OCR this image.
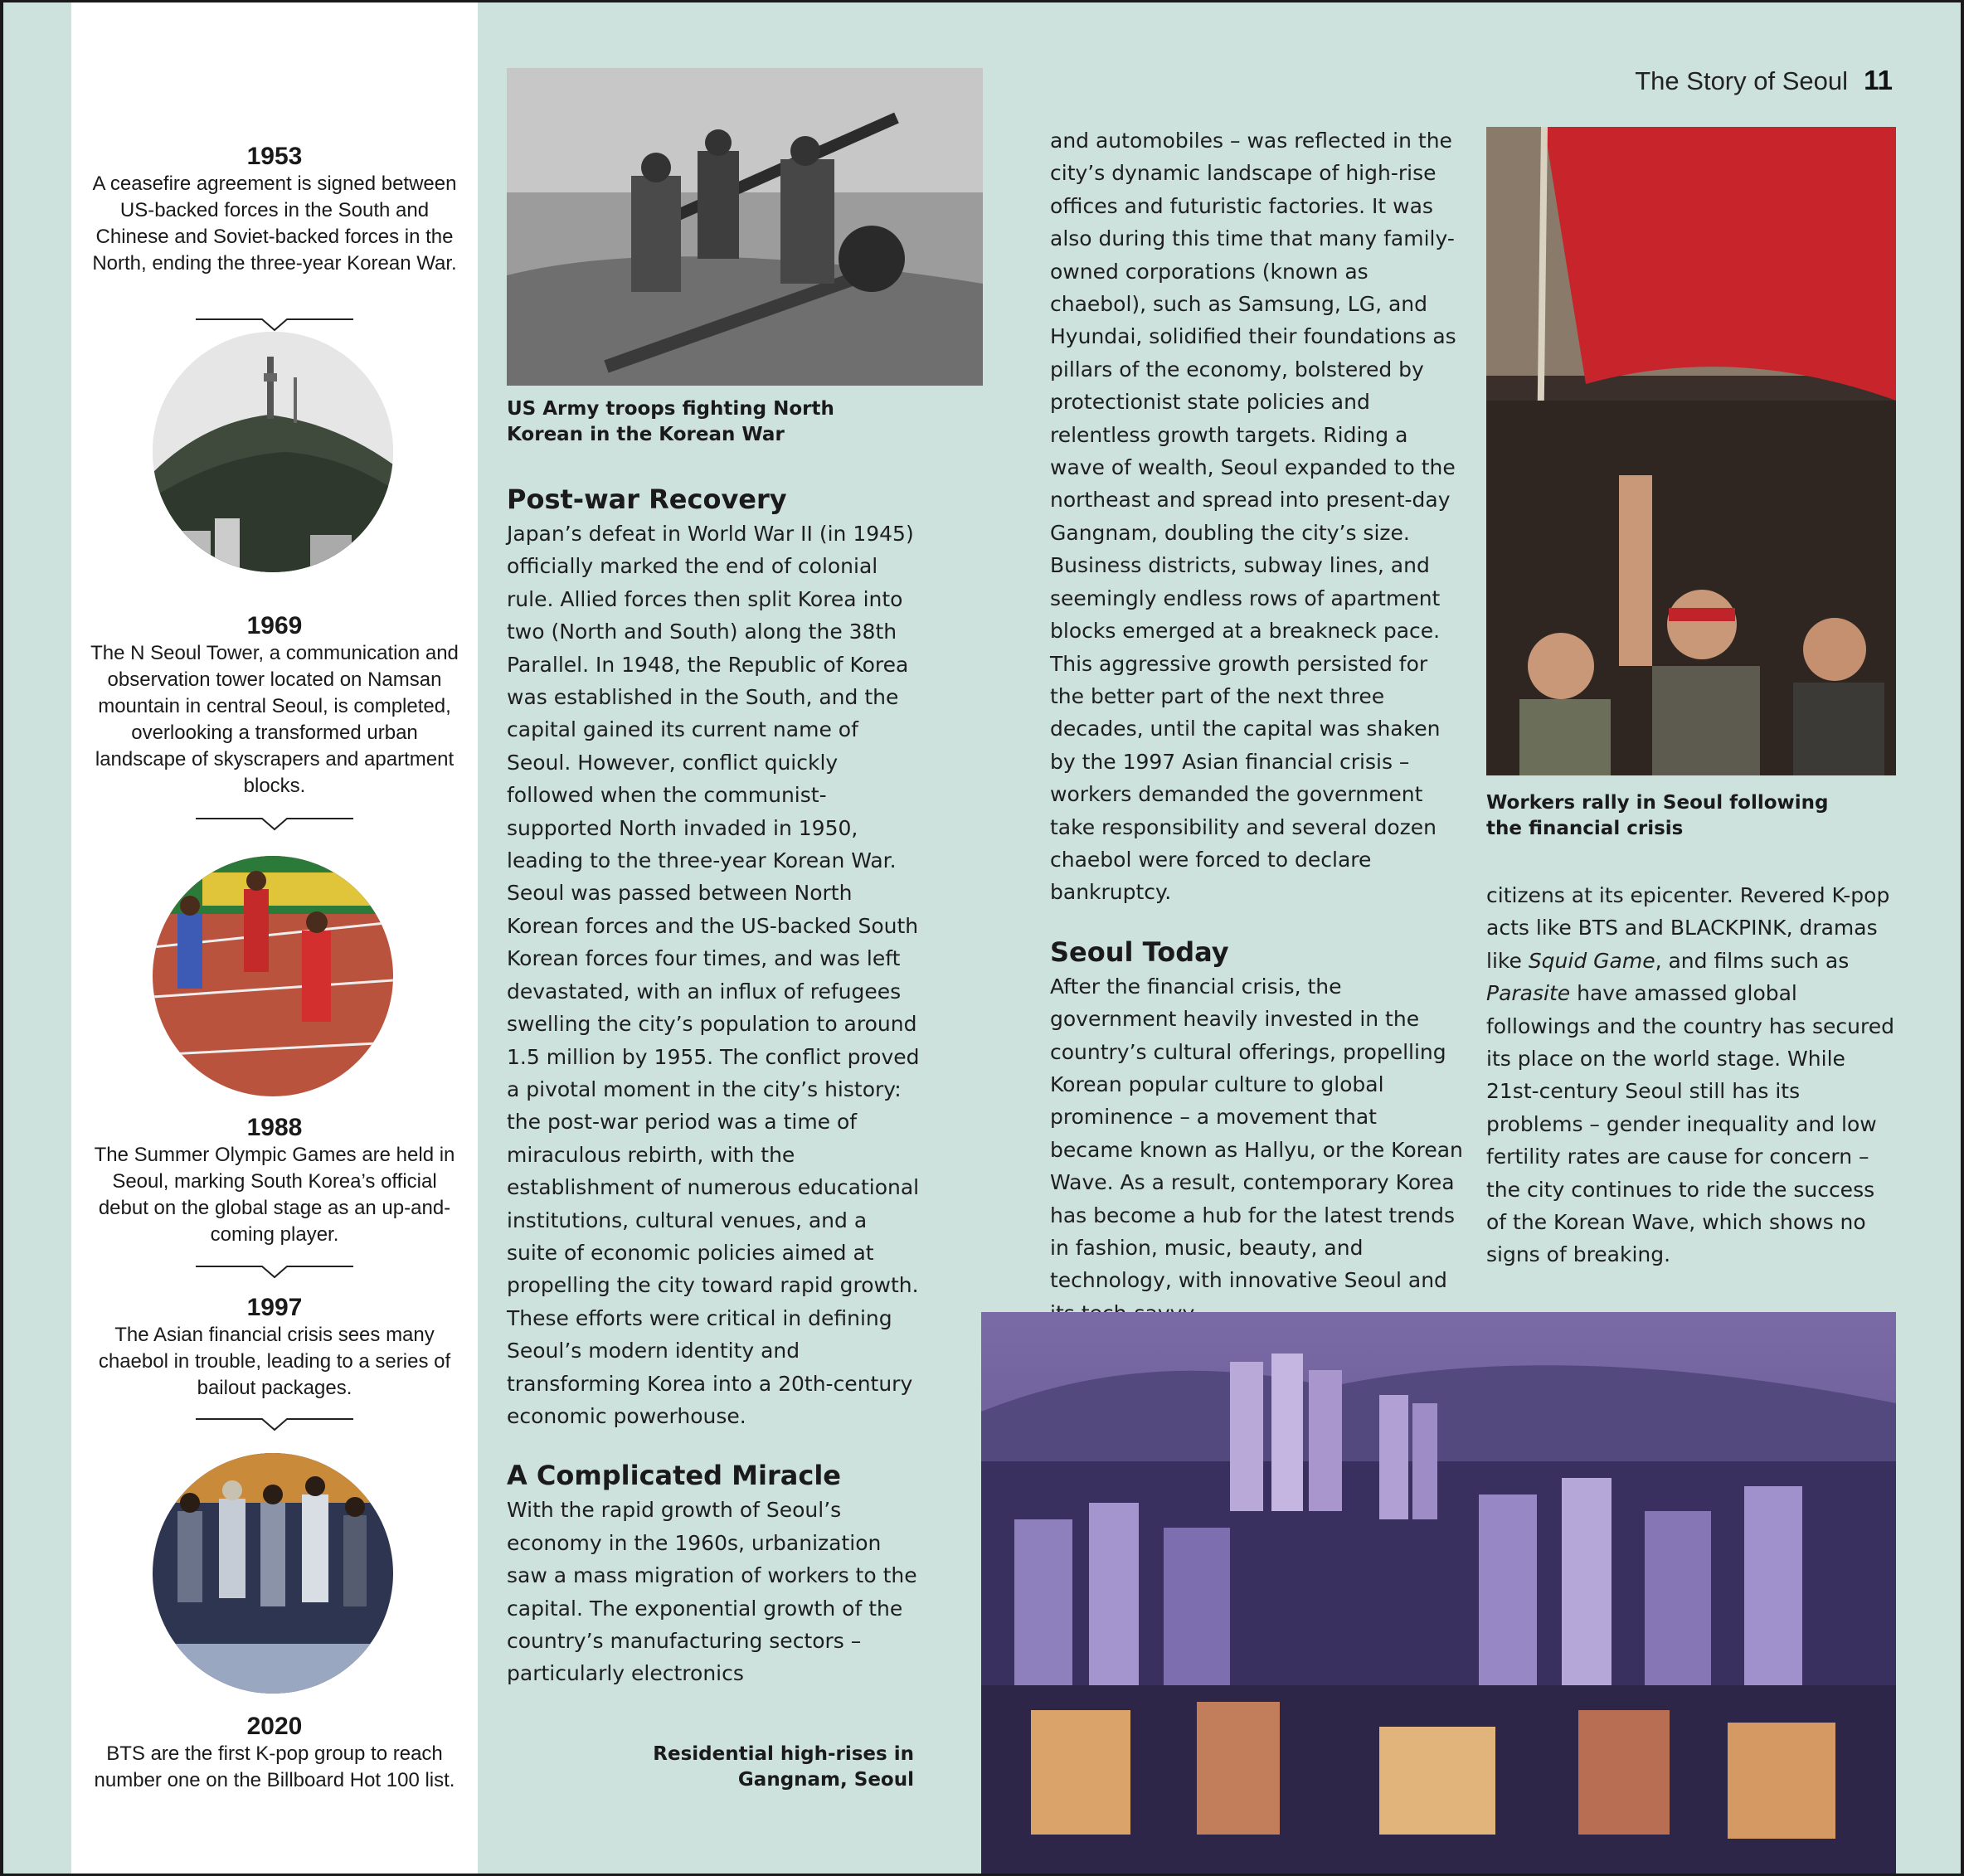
1953
A ceasefire agreement is signed between US-backed forces in the South and Chinese and Soviet-backed forces in the North, ending the three-year Korean War.
1969
The N Seoul Tower, a communication and observation tower located on Namsan mountain in central Seoul, is completed, overlooking a transformed urban landscape of skyscrapers and apartment blocks.
1988
The Summer Olympic Games are held in Seoul, marking South Korea’s official debut on the global stage as an up-and-coming player.
1997
The Asian financial crisis sees many chaebol in trouble, leading to a series of bailout packages.
2020
BTS are the first K-pop group to reach number one on the Billboard Hot 100 list.
The Story of Seoul 11
US Army troops fighting North Korean in the Korean War
Post-war Recovery

Japan’s defeat in World War II (in 1945) officially marked the end of colonial rule. Allied forces then split Korea into two (North and South) along the 38th Parallel. In 1948, the Republic of Korea was established in the South, and the capital gained its current name of Seoul. However, conflict quickly followed when the communist-supported North invaded in 1950, leading to the three-year Korean War. Seoul was passed between North Korean forces and the US-backed South Korean forces four times, and was left devastated, with an influx of refugees swelling the city’s population to around 1.5 million by 1955. The conflict proved a pivotal moment in the city’s history: the post-war period was a time of miraculous rebirth, with the establishment of numerous educational institutions, cultural venues, and a suite of economic policies aimed at propelling the city toward rapid growth. These efforts were critical in defining Seoul’s modern identity and transforming Korea into a 20th-century economic powerhouse.

A Complicated Miracle

With the rapid growth of Seoul’s economy in the 1960s, urbanization saw a mass migration of workers to the capital. The exponential growth of the country’s manufacturing sectors – particularly electronics

Residential high-rises in Gangnam, Seoul

and automobiles – was reflected in the city’s dynamic landscape of high-rise offices and futuristic factories. It was also during this time that many family-owned corporations (known as chaebol), such as Samsung, LG, and Hyundai, solidified their foundations as pillars of the economy, bolstered by protectionist state policies and relentless growth targets. Riding a wave of wealth, Seoul expanded to the northeast and spread into present-day Gangnam, doubling the city’s size. Business districts, subway lines, and seemingly endless rows of apartment blocks emerged at a breakneck pace. This aggressive growth persisted for the better part of the next three decades, until the capital was shaken by the 1997 Asian financial crisis – workers demanded the government take responsibility and several dozen chaebol were forced to declare bankruptcy.

Seoul Today

After the financial crisis, the government heavily invested in the country’s cultural offerings, propelling Korean popular culture to global prominence – a movement that became known as Hallyu, or the Korean Wave. As a result, contemporary Korea has become a hub for the latest trends in fashion, music, beauty, and technology, with innovative Seoul and

Workers rally in Seoul following the financial crisis

citizens at its epicenter. Revered K-pop acts like BTS and BLACKPINK, dramas like Squid Game, and films such as Parasite have amassed global followings and the country has secured its place on the world stage. While 21st-century Seoul still has its problems – gender inequality and low fertility rates are cause for concern – the city continues to ride the success of the Korean Wave, which shows no signs of breaking.
